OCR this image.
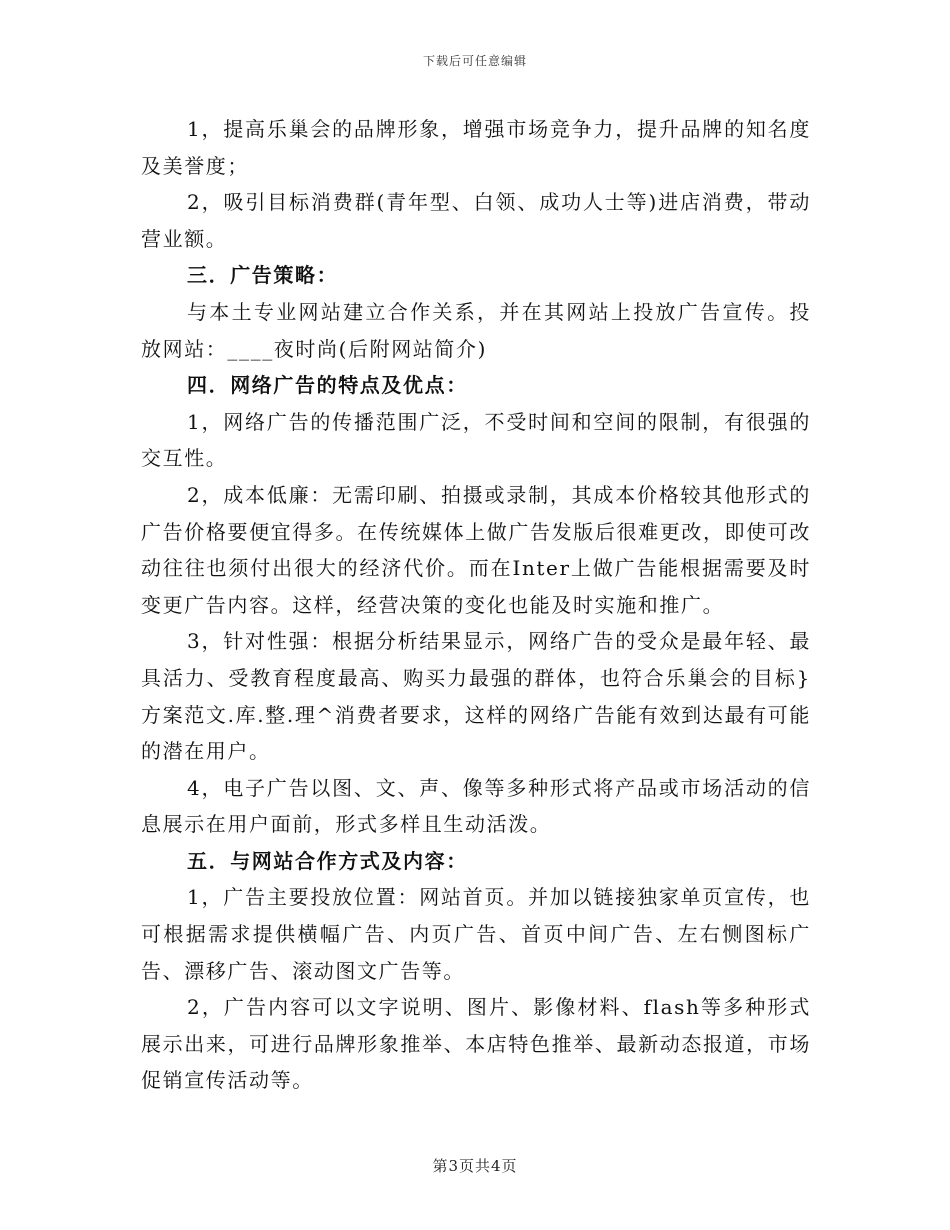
下载后可任意编辑

1，提高乐巢会的品牌形象，增强市场竞争力，提升品牌的知名度及美誉度；

2，吸引目标消费群(青年型、白领、成功人士等)进店消费，带动营业额。

三．广告策略：

与本土专业网站建立合作关系，并在其网站上投放广告宣传。投放网站：____夜时尚(后附网站简介)

四．网络广告的特点及优点：

1，网络广告的传播范围广泛，不受时间和空间的限制，有很强的交互性。

2，成本低廉：无需印刷、拍摄或录制，其成本价格较其他形式的广告价格要便宜得多。在传统媒体上做广告发版后很难更改，即使可改动往往也须付出很大的经济代价。而在Inter上做广告能根据需要及时变更广告内容。这样，经营决策的变化也能及时实施和推广。

3，针对性强：根据分析结果显示，网络广告的受众是最年轻、最具活力、受教育程度最高、购买力最强的群体，也符合乐巢会的目标}方案范文.库.整.理^消费者要求，这样的网络广告能有效到达最有可能的潜在用户。

4，电子广告以图、文、声、像等多种形式将产品或市场活动的信息展示在用户面前，形式多样且生动活泼。

五．与网站合作方式及内容：

1，广告主要投放位置：网站首页。并加以链接独家单页宣传，也可根据需求提供横幅广告、内页广告、首页中间广告、左右恻图标广告、漂移广告、滚动图文广告等。

2，广告内容可以文字说明、图片、影像材料、flash等多种形式展示出来，可进行品牌形象推举、本店特色推举、最新动态报道，市场促销宣传活动等。

第3页共4页
